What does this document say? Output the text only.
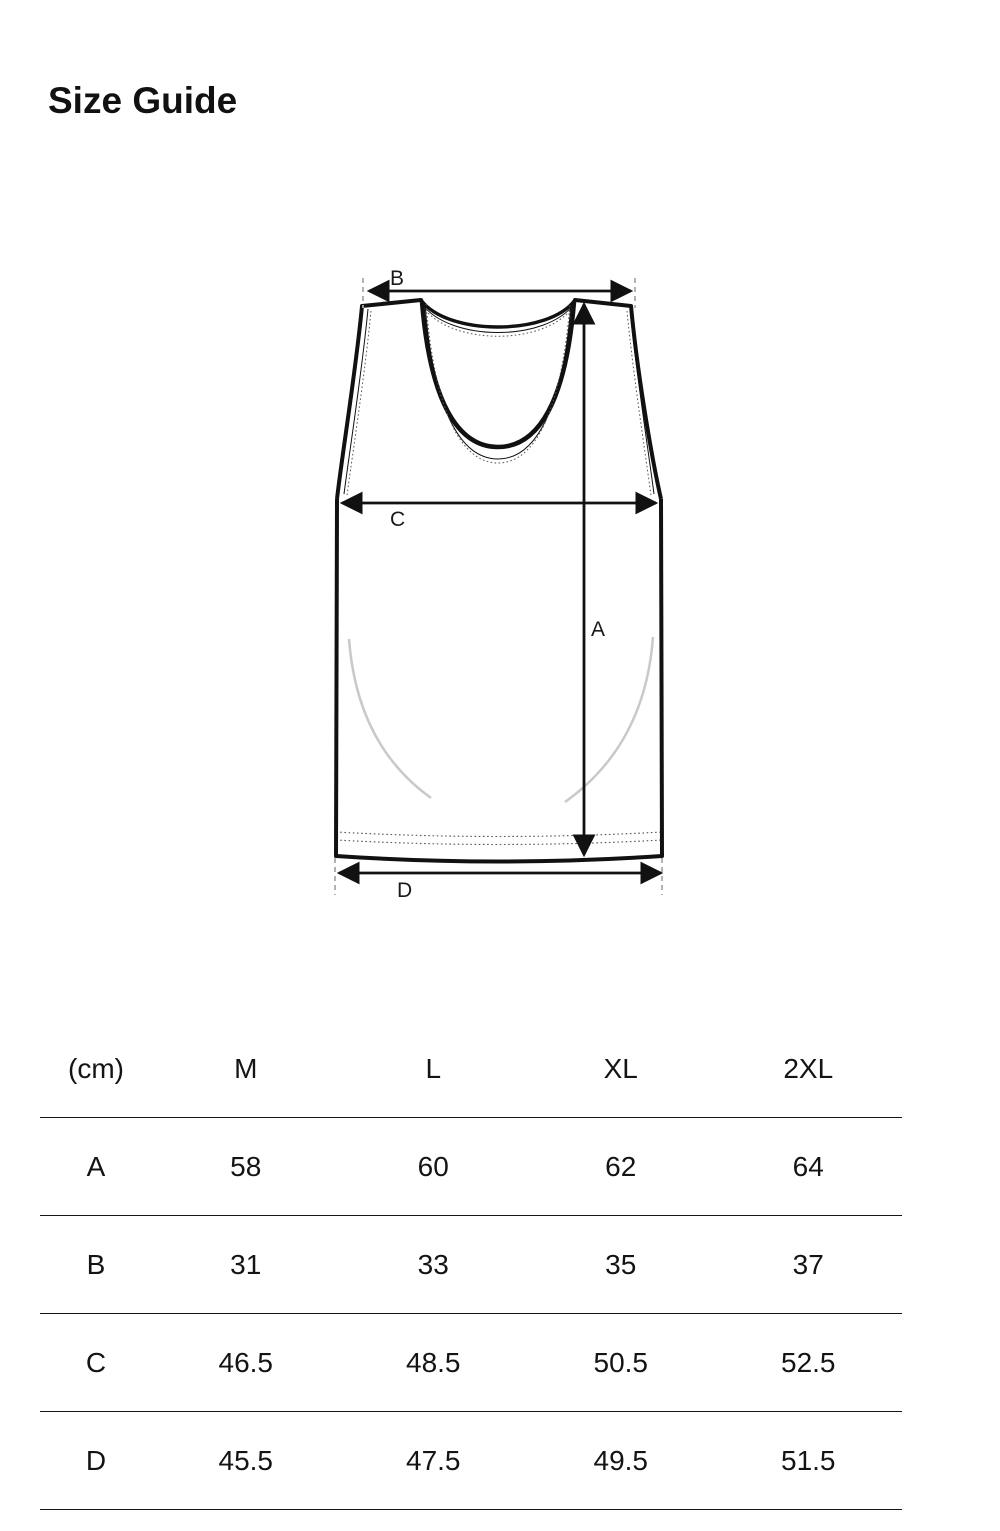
Size Guide
B
C
A
D
(cm)	M	L	XL	2XL
A	58	60	62	64
B	31	33	35	37
C	46.5	48.5	50.5	52.5
D	45.5	47.5	49.5	51.5
